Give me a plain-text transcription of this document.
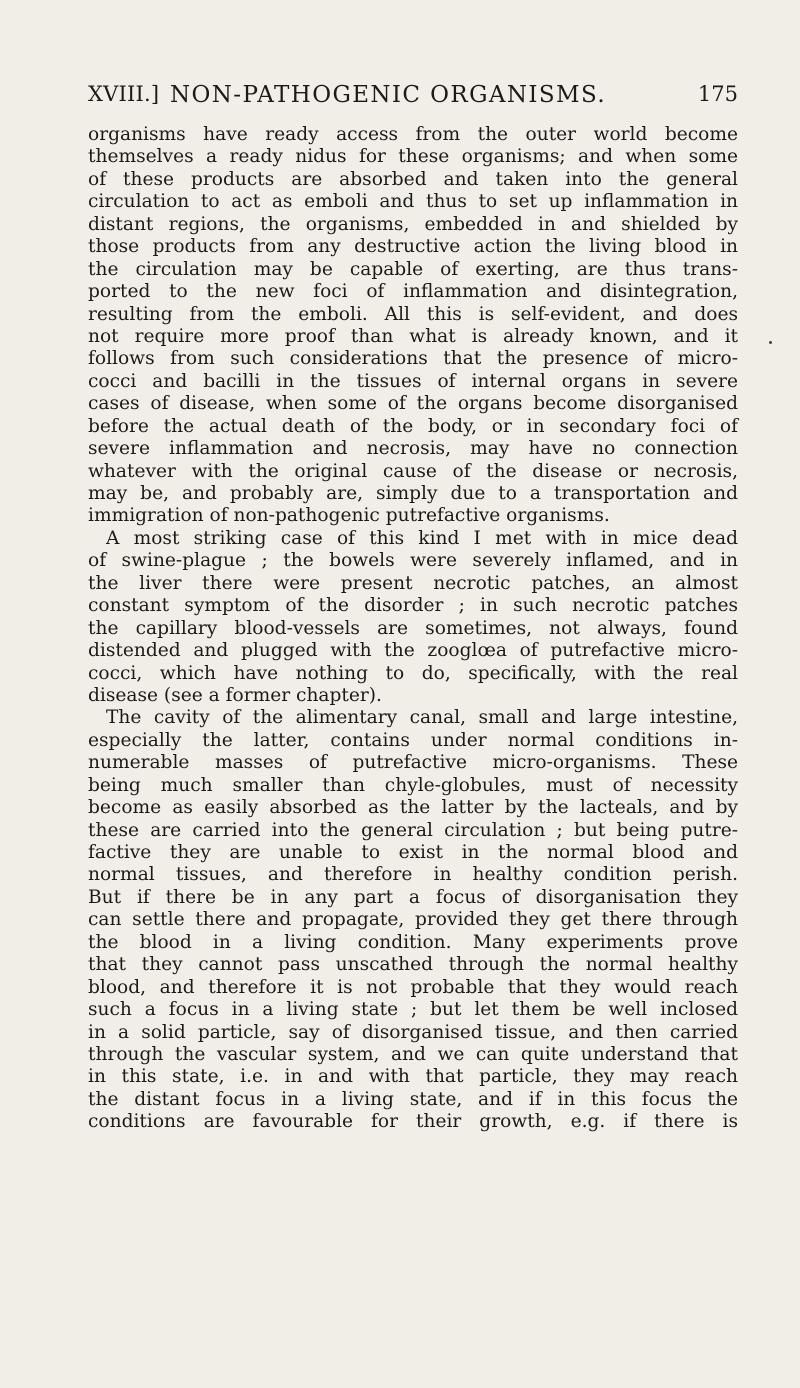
XVIII.] NON-PATHOGENIC ORGANISMS.	175
organisms have ready access from the outer world become
themselves a ready nidus for these organisms; and when some
of these products are absorbed and taken into the general
circulation to act as emboli and thus to set up inflammation in
distant regions, the organisms, embedded in and shielded by
those products from any destructive action the living blood in
the circulation may be capable of exerting, are thus trans-
ported to the new foci of inflammation and disintegration,
resulting from the emboli. All this is self-evident, and does
not require more proof than what is already known, and it
follows from such considerations that the presence of micro-
cocci and bacilli in the tissues of internal organs in severe
cases of disease, when some of the organs become disorganised
before the actual death of the body, or in secondary foci of
severe inflammation and necrosis, may have no connection
whatever with the original cause of the disease or necrosis,
may be, and probably are, simply due to a transportation and
immigration of non-pathogenic putrefactive organisms.
A most striking case of this kind I met with in mice dead
of swine-plague ; the bowels were severely inflamed, and in
the liver there were present necrotic patches, an almost
constant symptom of the disorder ; in such necrotic patches
the capillary blood-vessels are sometimes, not always, found
distended and plugged with the zooglœa of putrefactive micro-
cocci, which have nothing to do, specifically, with the real
disease (see a former chapter).
The cavity of the alimentary canal, small and large intestine,
especially the latter, contains under normal conditions in-
numerable masses of putrefactive micro-organisms. These
being much smaller than chyle-globules, must of necessity
become as easily absorbed as the latter by the lacteals, and by
these are carried into the general circulation ; but being putre-
factive they are unable to exist in the normal blood and
normal tissues, and therefore in healthy condition perish.
But if there be in any part a focus of disorganisation they
can settle there and propagate, provided they get there through
the blood in a living condition. Many experiments prove
that they cannot pass unscathed through the normal healthy
blood, and therefore it is not probable that they would reach
such a focus in a living state ; but let them be well inclosed
in a solid particle, say of disorganised tissue, and then carried
through the vascular system, and we can quite understand that
in this state, i.e. in and with that particle, they may reach
the distant focus in a living state, and if in this focus the
conditions are favourable for their growth, e.g. if there is
